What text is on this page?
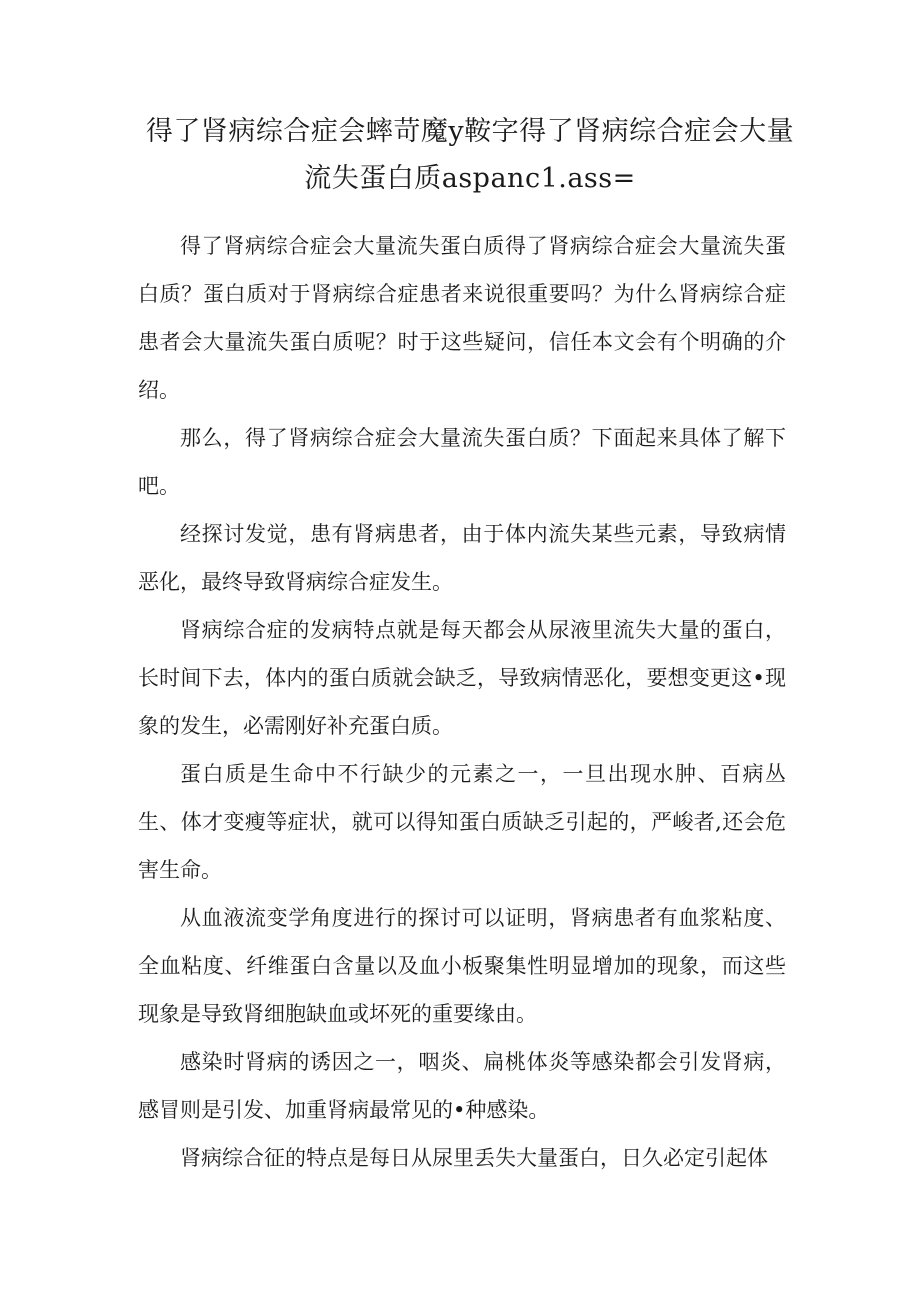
得了肾病综合症会蟀苛魔y鞍字得了肾病综合症会大量流失蛋白质aspanc1.ass=

得了肾病综合症会大量流失蛋白质得了肾病综合症会大量流失蛋白质？蛋白质对于肾病综合症患者来说很重要吗？为什么肾病综合症患者会大量流失蛋白质呢？时于这些疑问，信任本文会有个明确的介绍。

那么，得了肾病综合症会大量流失蛋白质？下面起来具体了解下吧。

经探讨发觉，患有肾病患者，由于体内流失某些元素，导致病情恶化，最终导致肾病综合症发生。

肾病综合症的发病特点就是每天都会从尿液里流失大量的蛋白，长时间下去，体内的蛋白质就会缺乏，导致病情恶化，要想变更这•现象的发生，必需刚好补充蛋白质。

蛋白质是生命中不行缺少的元素之一，一旦出现水肿、百病丛生、体才变瘦等症状，就可以得知蛋白质缺乏引起的，严峻者,还会危害生命。

从血液流变学角度进行的探讨可以证明，肾病患者有血浆粘度、全血粘度、纤维蛋白含量以及血小板聚集性明显增加的现象，而这些现象是导致肾细胞缺血或坏死的重要缘由。

感染时肾病的诱因之一，咽炎、扁桃体炎等感染都会引发肾病，感冒则是引发、加重肾病最常见的•种感染。

肾病综合征的特点是每日从尿里丢失大量蛋白，日久必定引起体
